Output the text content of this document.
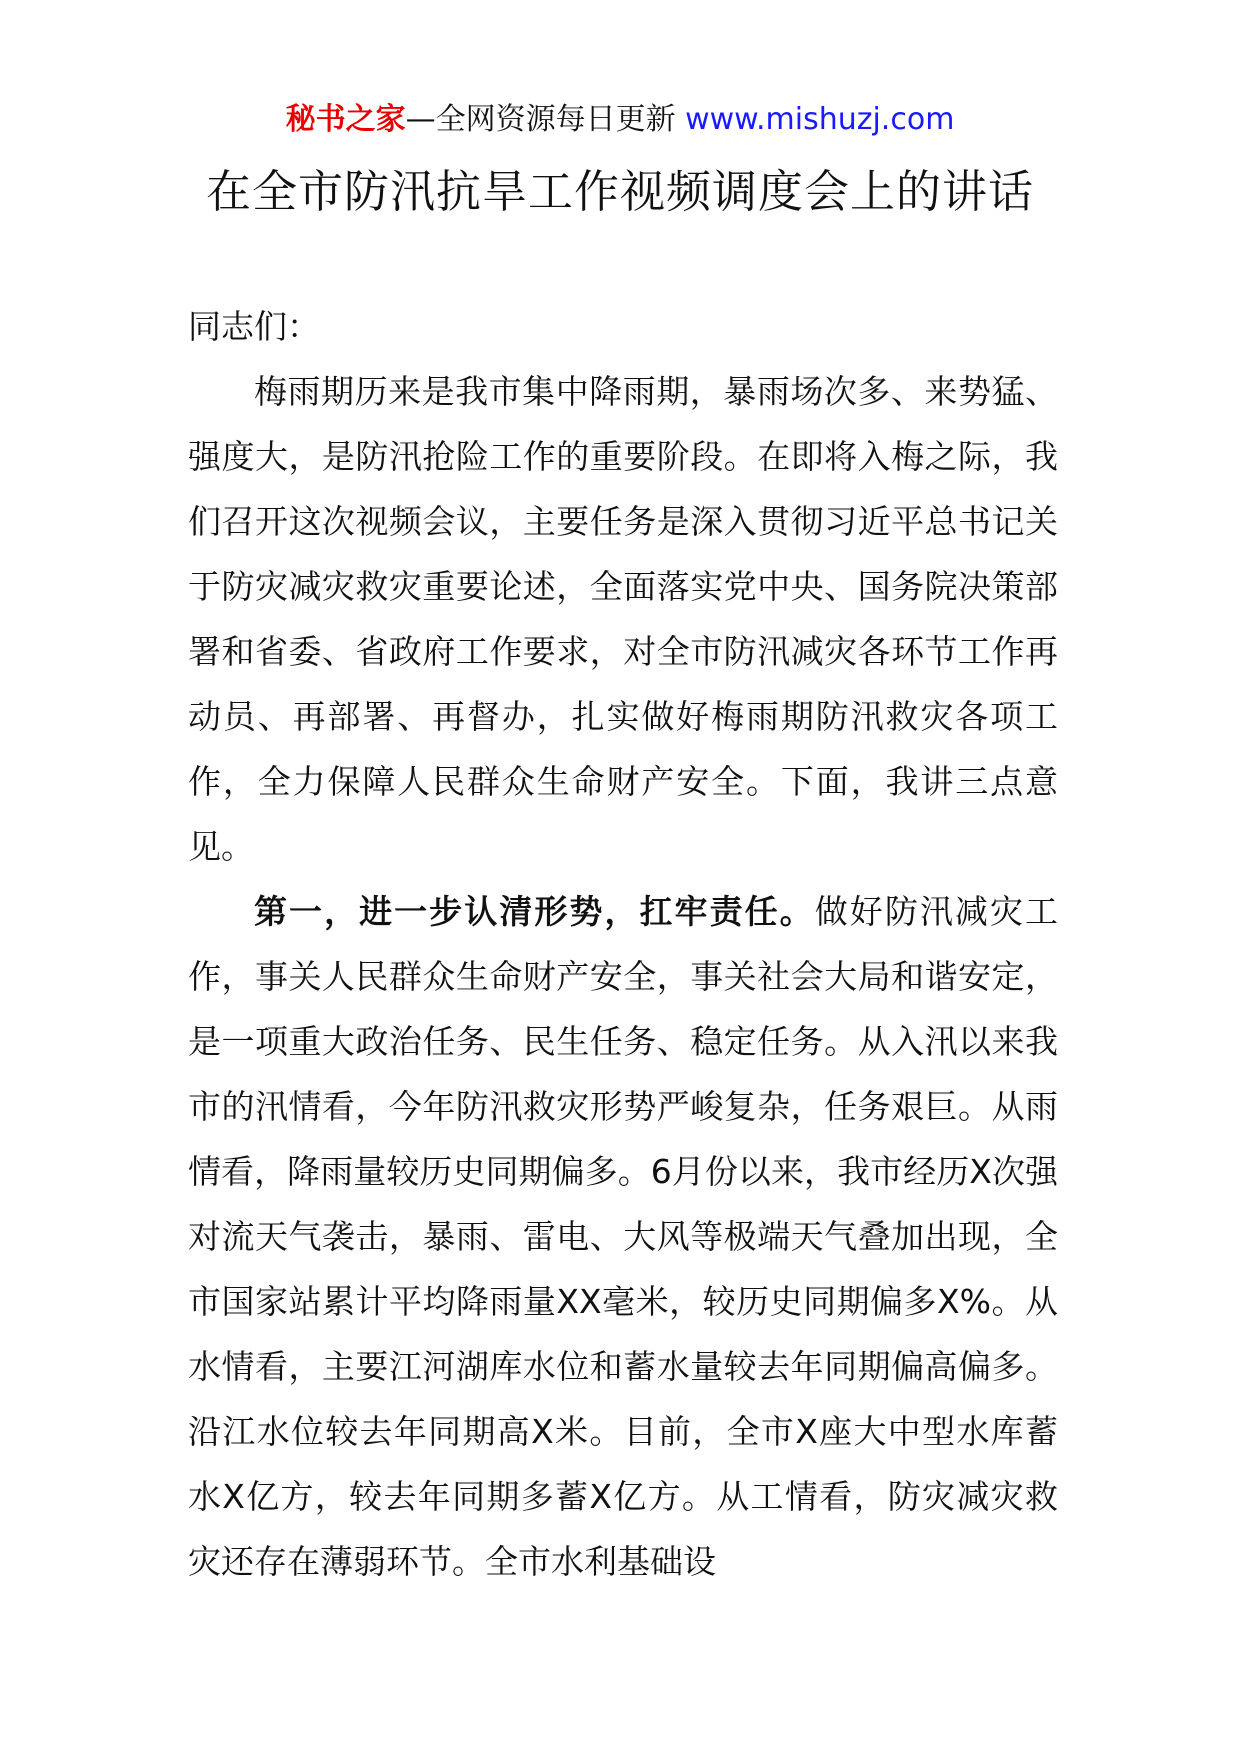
秘书之家—全网资源每日更新 www.mishuzj.com
在全市防汛抗旱工作视频调度会上的讲话

同志们：

梅雨期历来是我市集中降雨期，暴雨场次多、来势猛、强度大，是防汛抢险工作的重要阶段。在即将入梅之际，我们召开这次视频会议，主要任务是深入贯彻习近平总书记关于防灾减灾救灾重要论述，全面落实党中央、国务院决策部署和省委、省政府工作要求，对全市防汛减灾各环节工作再动员、再部署、再督办，扎实做好梅雨期防汛救灾各项工作，全力保障人民群众生命财产安全。下面，我讲三点意见。

第一，进一步认清形势，扛牢责任。做好防汛减灾工作，事关人民群众生命财产安全，事关社会大局和谐安定，是一项重大政治任务、民生任务、稳定任务。从入汛以来我市的汛情看，今年防汛救灾形势严峻复杂，任务艰巨。从雨情看，降雨量较历史同期偏多。6月份以来，我市经历X次强对流天气袭击，暴雨、雷电、大风等极端天气叠加出现，全市国家站累计平均降雨量XX毫米，较历史同期偏多X%。从水情看，主要江河湖库水位和蓄水量较去年同期偏高偏多。沿江水位较去年同期高X米。目前，全市X座大中型水库蓄水X亿方，较去年同期多蓄X亿方。从工情看，防灾减灾救灾还存在薄弱环节。全市水利基础设
